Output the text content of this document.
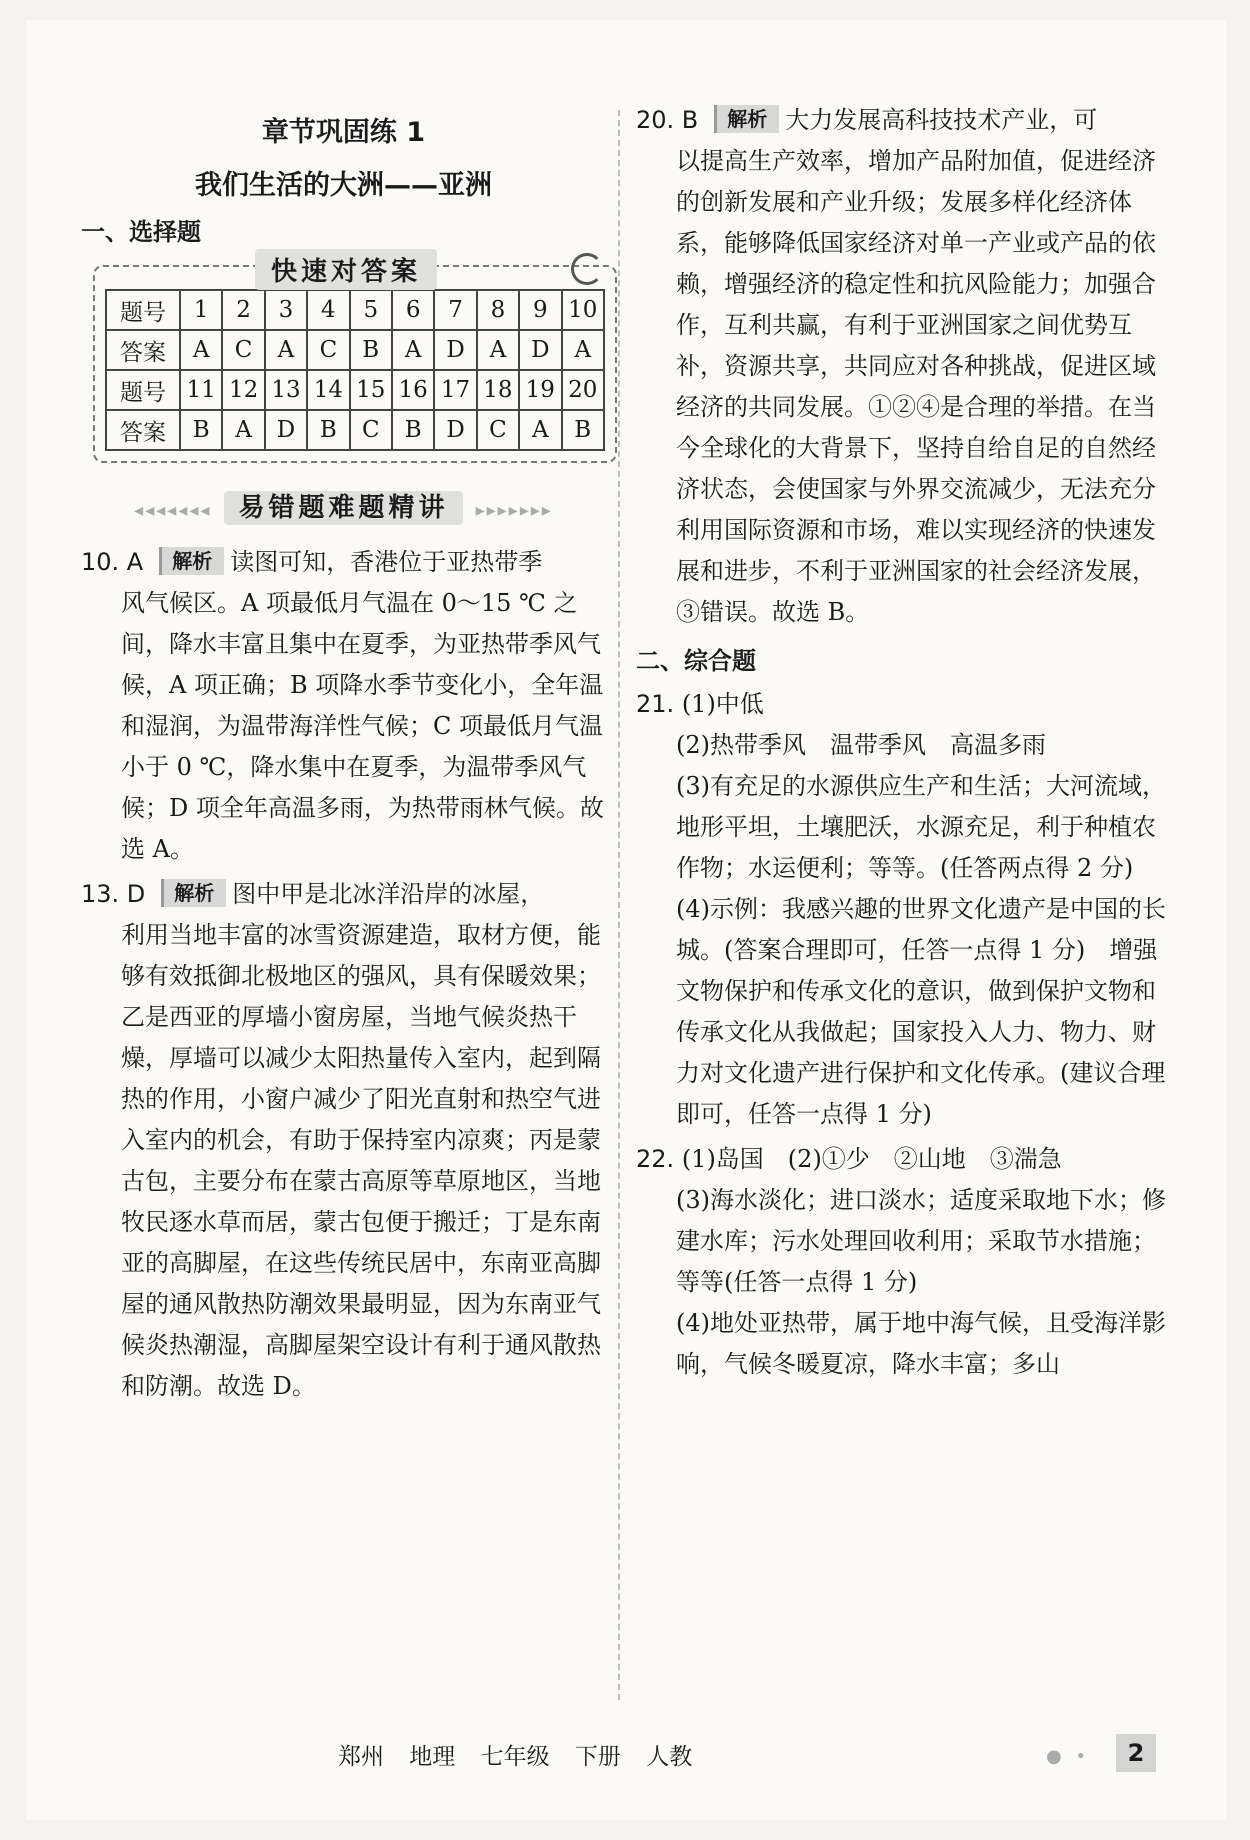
章节巩固练 1
我们生活的大洲——亚洲
一、选择题
快速对答案
题号	1	2	3	4	5	6	7	8	9	10
答案	A	C	A	C	B	A	D	A	D	A
题号	11	12	13	14	15	16	17	18	19	20
答案	B	A	D	B	C	B	D	C	A	B
◂◂◂◂◂◂◂ 易错题难题精讲 ▸▸▸▸▸▸▸
10. A 解析 读图可知，香港位于亚热带季
风气候区。A 项最低月气温在 0～15 ℃ 之间，降水丰富且集中在夏季，为亚热带季风气候，A 项正确；B 项降水季节变化小，全年温和湿润，为温带海洋性气候；C 项最低月气温小于 0 ℃，降水集中在夏季，为温带季风气候；D 项全年高温多雨，为热带雨林气候。故选 A。
13. D 解析 图中甲是北冰洋沿岸的冰屋，
利用当地丰富的冰雪资源建造，取材方便，能够有效抵御北极地区的强风，具有保暖效果；乙是西亚的厚墙小窗房屋，当地气候炎热干燥，厚墙可以减少太阳热量传入室内，起到隔热的作用，小窗户减少了阳光直射和热空气进入室内的机会，有助于保持室内凉爽；丙是蒙古包，主要分布在蒙古高原等草原地区，当地牧民逐水草而居，蒙古包便于搬迁；丁是东南亚的高脚屋，在这些传统民居中，东南亚高脚屋的通风散热防潮效果最明显，因为东南亚气候炎热潮湿，高脚屋架空设计有利于通风散热和防潮。故选 D。
20. B 解析 大力发展高科技技术产业，可
以提高生产效率，增加产品附加值，促进经济的创新发展和产业升级；发展多样化经济体系，能够降低国家经济对单一产业或产品的依赖，增强经济的稳定性和抗风险能力；加强合作，互利共赢，有利于亚洲国家之间优势互补，资源共享，共同应对各种挑战，促进区域经济的共同发展。①②④是合理的举措。在当今全球化的大背景下，坚持自给自足的自然经济状态，会使国家与外界交流减少，无法充分利用国际资源和市场，难以实现经济的快速发展和进步，不利于亚洲国家的社会经济发展，③错误。故选 B。
二、综合题
21. (1)中低
(2)热带季风　温带季风　高温多雨
(3)有充足的水源供应生产和生活；大河流域，地形平坦，土壤肥沃，水源充足，利于种植农作物；水运便利；等等。(任答两点得 2 分)
(4)示例：我感兴趣的世界文化遗产是中国的长城。(答案合理即可，任答一点得 1 分)　增强文物保护和传承文化的意识，做到保护文物和传承文化从我做起；国家投入人力、物力、财力对文化遗产进行保护和文化传承。(建议合理即可，任答一点得 1 分)
22. (1)岛国　(2)①少　②山地　③湍急
(3)海水淡化；进口淡水；适度采取地下水；修建水库；污水处理回收利用；采取节水措施；等等(任答一点得 1 分)
(4)地处亚热带，属于地中海气候，且受海洋影响，气候冬暖夏凉，降水丰富；多山
郑州 地理 七年级 下册 人教	● •	2
